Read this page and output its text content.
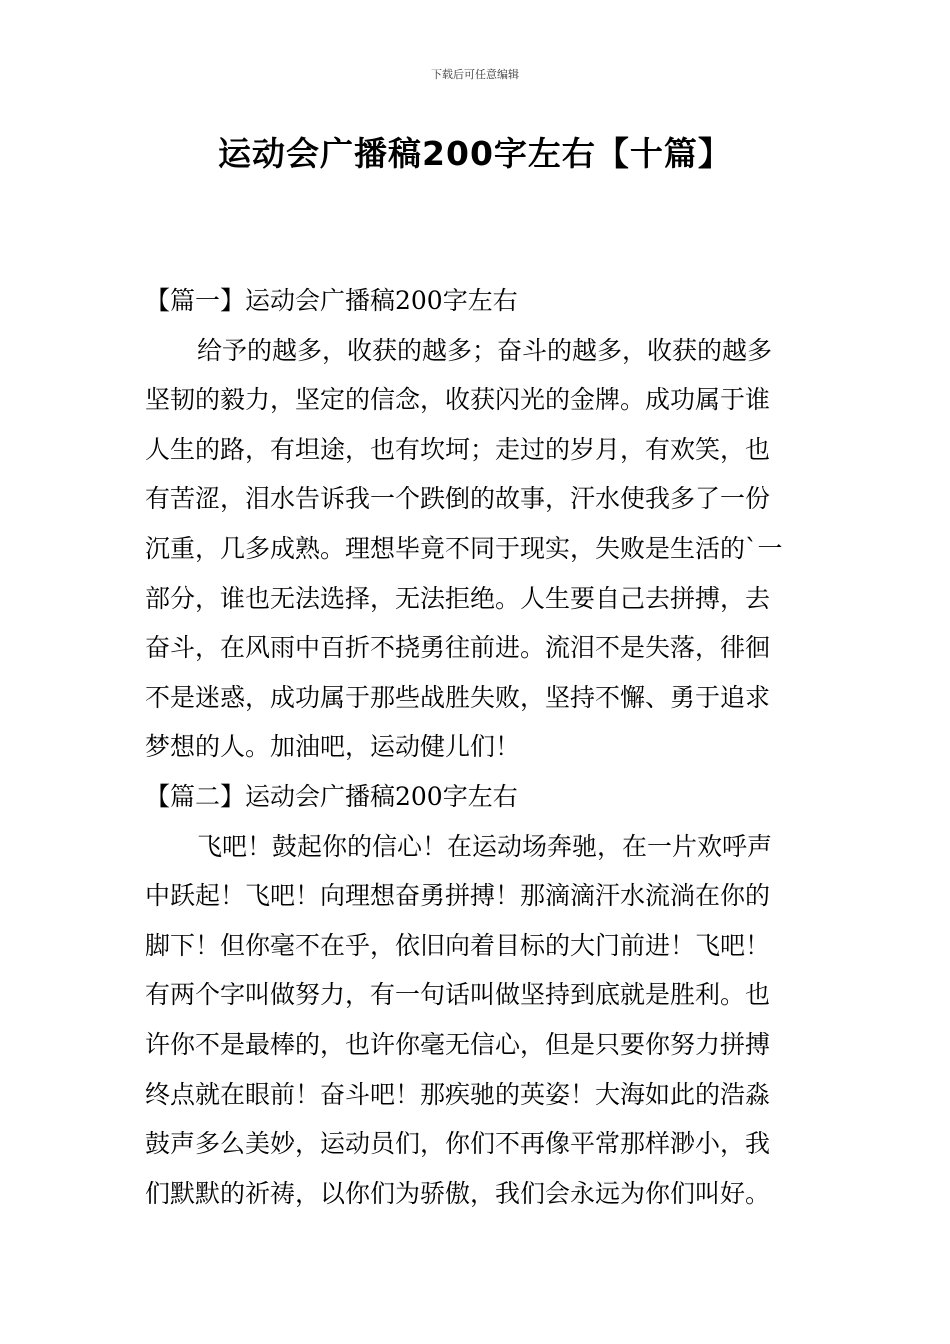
下载后可任意编辑
运动会广播稿200字左右【十篇】

【篇一】运动会广播稿200字左右

给予的越多，收获的越多；奋斗的越多，收获的越多

坚韧的毅力，坚定的信念，收获闪光的金牌。成功属于谁

人生的路，有坦途，也有坎坷；走过的岁月，有欢笑，也

有苦涩，泪水告诉我一个跌倒的故事，汗水使我多了一份

沉重，几多成熟。理想毕竟不同于现实，失败是生活的`一

部分，谁也无法选择，无法拒绝。人生要自己去拼搏，去

奋斗，在风雨中百折不挠勇往前进。流泪不是失落，徘徊

不是迷惑，成功属于那些战胜失败，坚持不懈、勇于追求

梦想的人。加油吧，运动健儿们！

【篇二】运动会广播稿200字左右

飞吧！鼓起你的信心！在运动场奔驰，在一片欢呼声

中跃起！飞吧！向理想奋勇拼搏！那滴滴汗水流淌在你的

脚下！但你毫不在乎，依旧向着目标的大门前进！飞吧！

有两个字叫做努力，有一句话叫做坚持到底就是胜利。也

许你不是最棒的，也许你毫无信心，但是只要你努力拼搏

终点就在眼前！奋斗吧！那疾驰的英姿！大海如此的浩淼

鼓声多么美妙，运动员们，你们不再像平常那样渺小，我

们默默的祈祷，以你们为骄傲，我们会永远为你们叫好。
